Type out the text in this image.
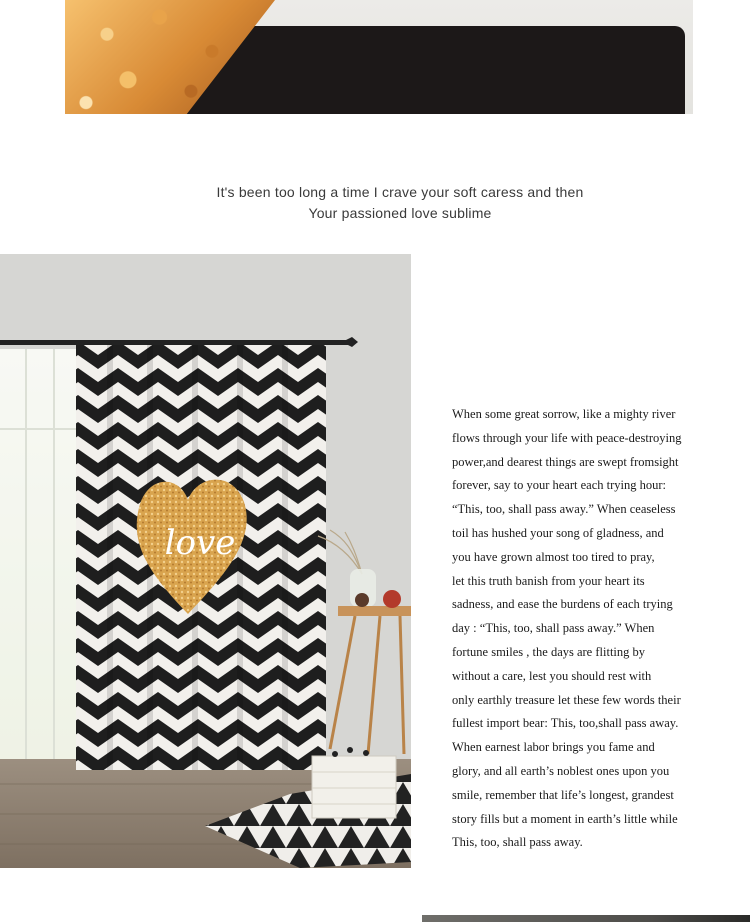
It's been too long a time I crave your soft caress and then
Your passioned love sublime
love
When some great sorrow, like a mighty river
flows through your life with peace-destroying
power,and dearest things are swept fromsight
forever, say to your heart each trying hour:
“This, too, shall pass away.” When ceaseless
toil has hushed your song of gladness, and
you have grown almost too tired to pray,
let this truth banish from your heart its
sadness, and ease the burdens of each trying
day : “This, too, shall pass away.” When
fortune smiles , the days are flitting by
without a care, lest you should rest with
only earthly treasure let these few words their
fullest import bear: This, too,shall pass away.
When earnest labor brings you fame and
glory, and all earth’s noblest ones upon you
smile, remember that life’s longest, grandest
story fills but a moment in earth’s little while
This, too, shall pass away.
